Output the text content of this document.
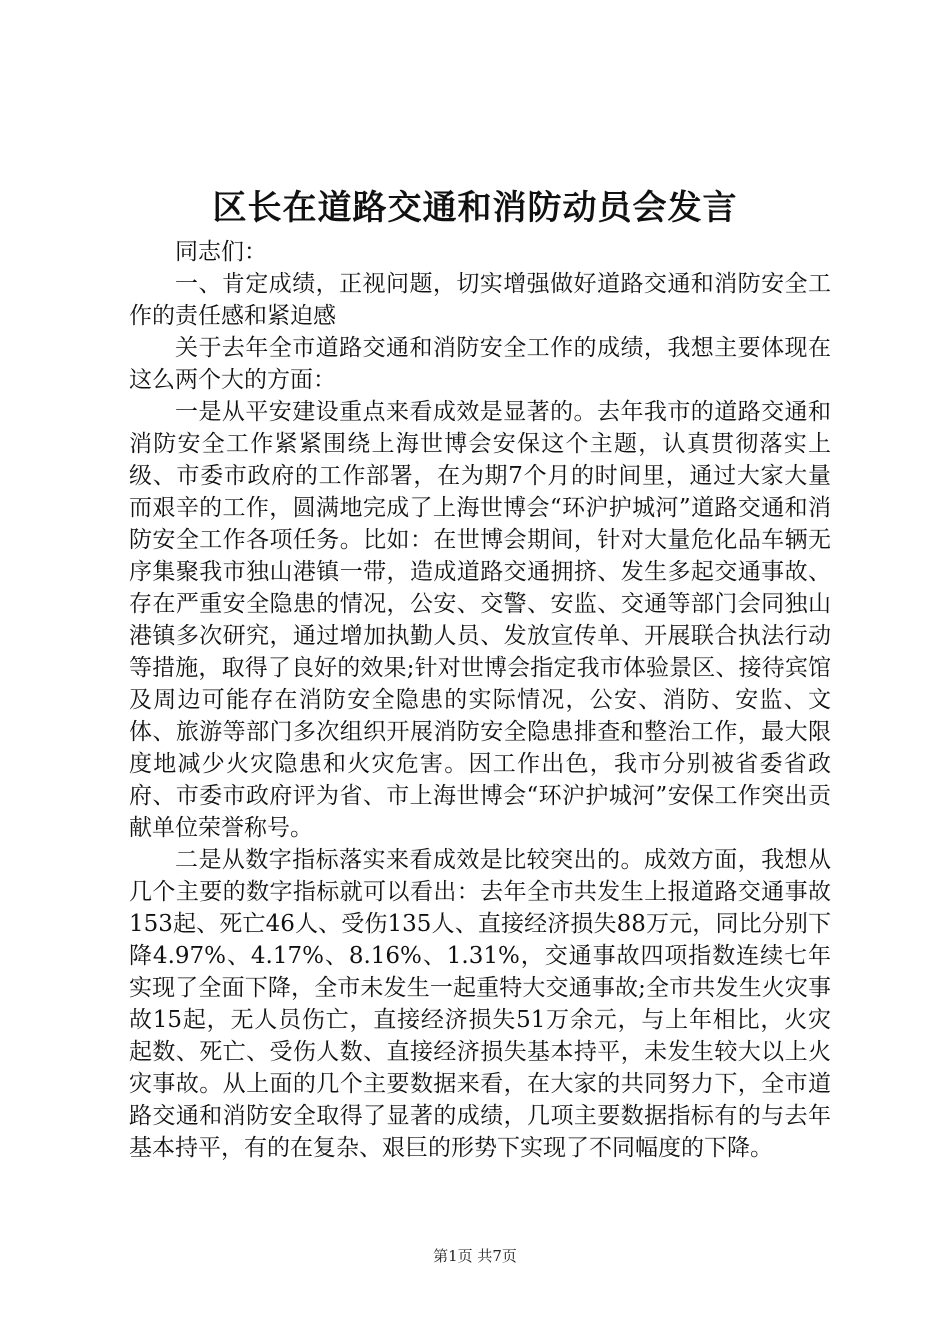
区长在道路交通和消防动员会发言

同志们：

一、肯定成绩，正视问题，切实增强做好道路交通和消防安全工作的责任感和紧迫感

关于去年全市道路交通和消防安全工作的成绩，我想主要体现在这么两个大的方面：

一是从平安建设重点来看成效是显著的。去年我市的道路交通和消防安全工作紧紧围绕上海世博会安保这个主题，认真贯彻落实上级、市委市政府的工作部署，在为期7个月的时间里，通过大家大量而艰辛的工作，圆满地完成了上海世博会“环沪护城河”道路交通和消防安全工作各项任务。比如：在世博会期间，针对大量危化品车辆无序集聚我市独山港镇一带，造成道路交通拥挤、发生多起交通事故、存在严重安全隐患的情况，公安、交警、安监、交通等部门会同独山港镇多次研究，通过增加执勤人员、发放宣传单、开展联合执法行动等措施，取得了良好的效果;针对世博会指定我市体验景区、接待宾馆及周边可能存在消防安全隐患的实际情况，公安、消防、安监、文体、旅游等部门多次组织开展消防安全隐患排查和整治工作，最大限度地减少火灾隐患和火灾危害。因工作出色，我市分别被省委省政府、市委市政府评为省、市上海世博会“环沪护城河”安保工作突出贡献单位荣誉称号。

二是从数字指标落实来看成效是比较突出的。成效方面，我想从几个主要的数字指标就可以看出：去年全市共发生上报道路交通事故153起、死亡46人、受伤135人、直接经济损失88万元，同比分别下降4.97%、4.17%、8.16%、1.31%，交通事故四项指数连续七年实现了全面下降，全市未发生一起重特大交通事故;全市共发生火灾事故15起，无人员伤亡，直接经济损失51万余元，与上年相比，火灾起数、死亡、受伤人数、直接经济损失基本持平，未发生较大以上火灾事故。从上面的几个主要数据来看，在大家的共同努力下，全市道路交通和消防安全取得了显著的成绩，几项主要数据指标有的与去年基本持平，有的在复杂、艰巨的形势下实现了不同幅度的下降。

第1页 共7页
